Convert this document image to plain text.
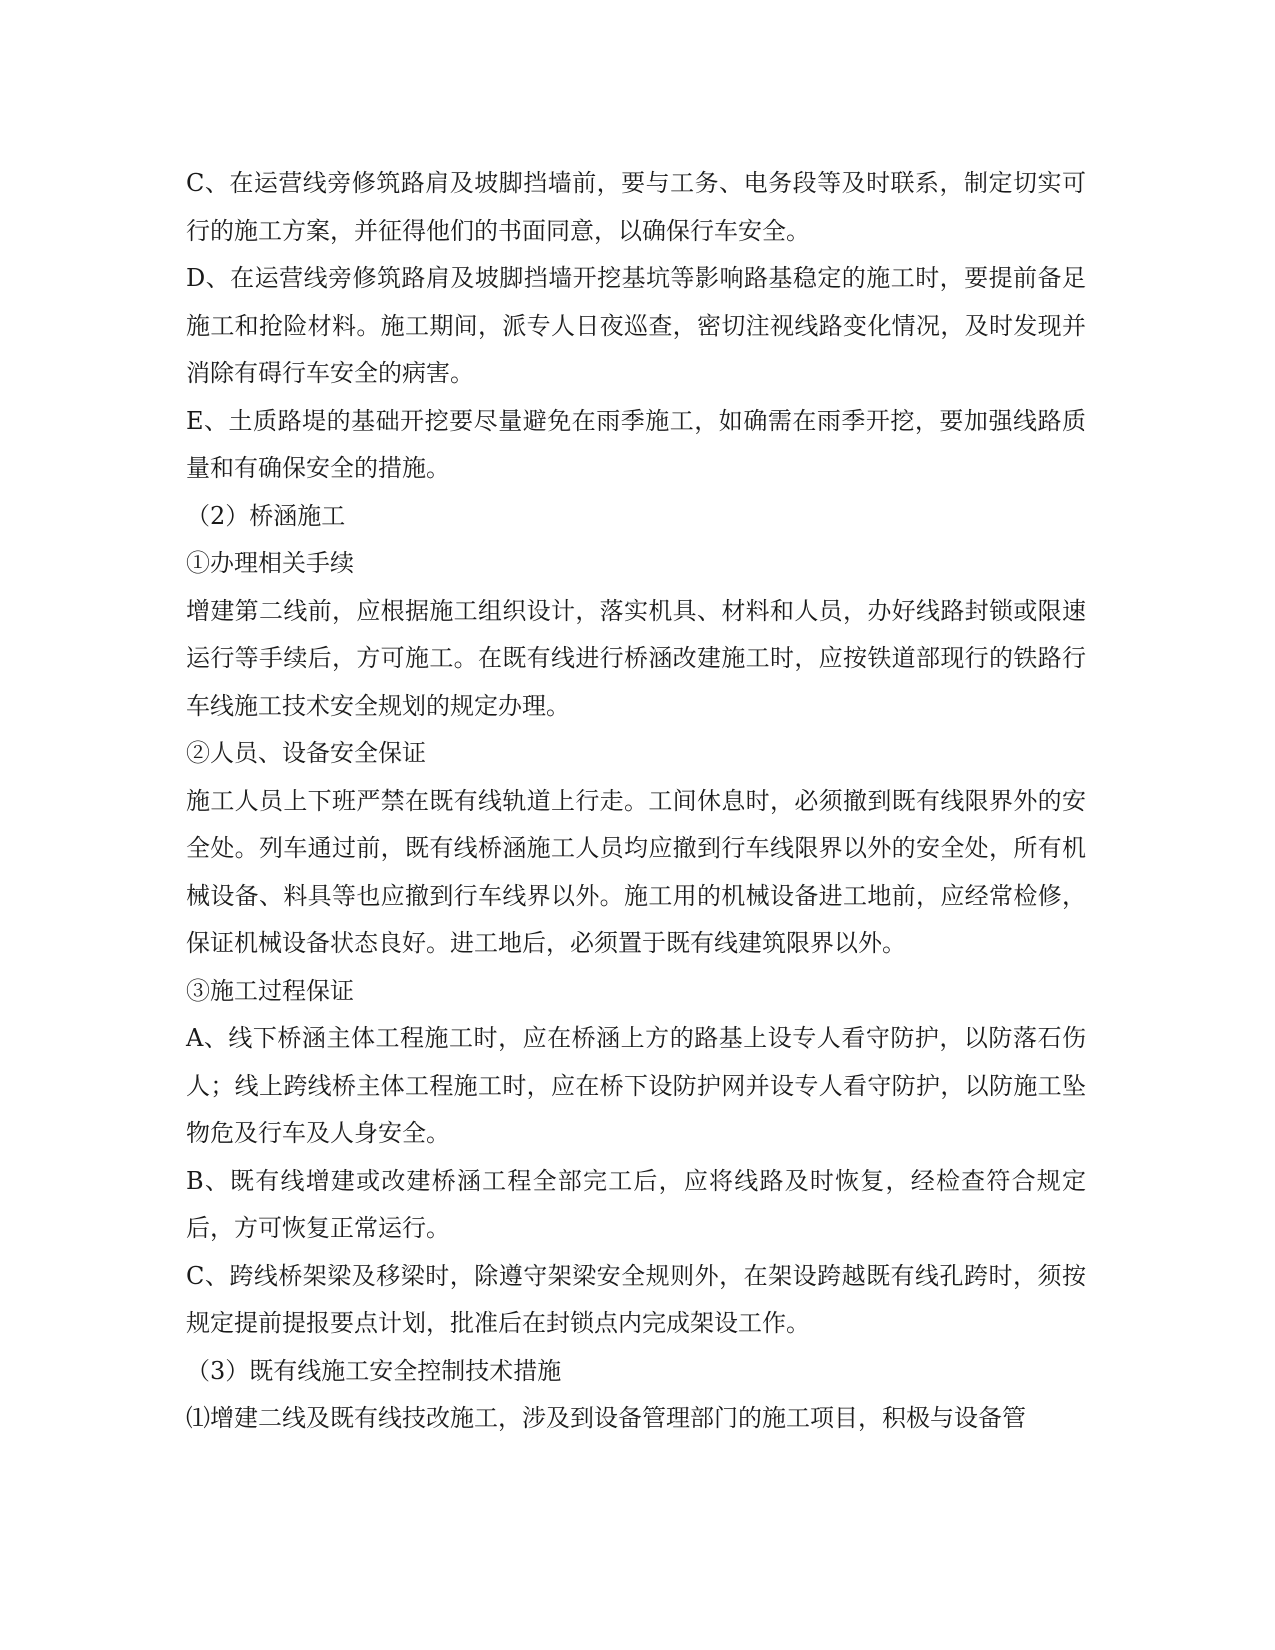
C、在运营线旁修筑路肩及坡脚挡墙前，要与工务、电务段等及时联系，制定切实可行的施工方案，并征得他们的书面同意，以确保行车安全。

D、在运营线旁修筑路肩及坡脚挡墙开挖基坑等影响路基稳定的施工时，要提前备足施工和抢险材料。施工期间，派专人日夜巡查，密切注视线路变化情况，及时发现并消除有碍行车安全的病害。

E、土质路堤的基础开挖要尽量避免在雨季施工，如确需在雨季开挖，要加强线路质量和有确保安全的措施。

（2）桥涵施工

①办理相关手续

增建第二线前，应根据施工组织设计，落实机具、材料和人员，办好线路封锁或限速运行等手续后，方可施工。在既有线进行桥涵改建施工时，应按铁道部现行的铁路行车线施工技术安全规划的规定办理。

②人员、设备安全保证

施工人员上下班严禁在既有线轨道上行走。工间休息时，必须撤到既有线限界外的安全处。列车通过前，既有线桥涵施工人员均应撤到行车线限界以外的安全处，所有机械设备、料具等也应撤到行车线界以外。施工用的机械设备进工地前，应经常检修，保证机械设备状态良好。进工地后，必须置于既有线建筑限界以外。

③施工过程保证

A、线下桥涵主体工程施工时，应在桥涵上方的路基上设专人看守防护，以防落石伤人；线上跨线桥主体工程施工时，应在桥下设防护网并设专人看守防护，以防施工坠物危及行车及人身安全。

B、既有线增建或改建桥涵工程全部完工后，应将线路及时恢复，经检查符合规定后，方可恢复正常运行。

C、跨线桥架梁及移梁时，除遵守架梁安全规则外，在架设跨越既有线孔跨时，须按规定提前提报要点计划，批准后在封锁点内完成架设工作。

（3）既有线施工安全控制技术措施

⑴增建二线及既有线技改施工，涉及到设备管理部门的施工项目，积极与设备管
